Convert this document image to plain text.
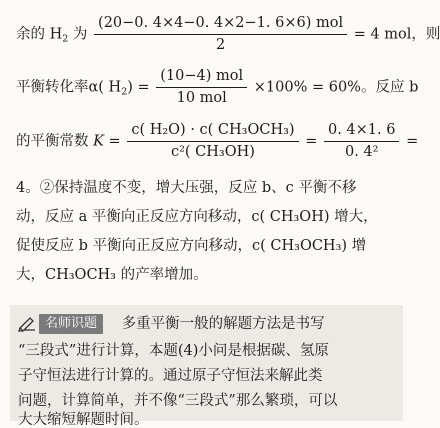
余的 $H_2$ 为 $\frac{\text{(20−0. 4×4−0. 4×2−1. 6×6) mol}}{2} = 4$ mol，则
平衡转化率α( $H_2) = \frac{\text{(10−4) mol}}{\text{10 mol}} \times 100\% = 60\%$。反应 b
的平衡常数 $K = \frac{\text{c( H₂O) · c( CH₃OCH₃)}}{\text{c²( CH₃OH)}} = \frac{0. 4\times 1. 6}{\text{0. 4²}}$ =
4。②保持温度不变，增大压强，反应 b、c 平衡不移
动，反应 a 平衡向正反应方向移动，c( CH₃OH) 增大，
促使反应 b 平衡向正反应方向移动，c( CH₃OCH₃) 增
大，CH₃OCH₃ 的产率增加。
名师识题 多重平衡一般的解题方法是书写
“三段式”进行计算，本题(4)小问是根据碳、氢原
子守恒法进行计算的。通过原子守恒法来解此类
问题，计算简单，并不像“三段式”那么繁琐，可以
大大缩短解题时间。
